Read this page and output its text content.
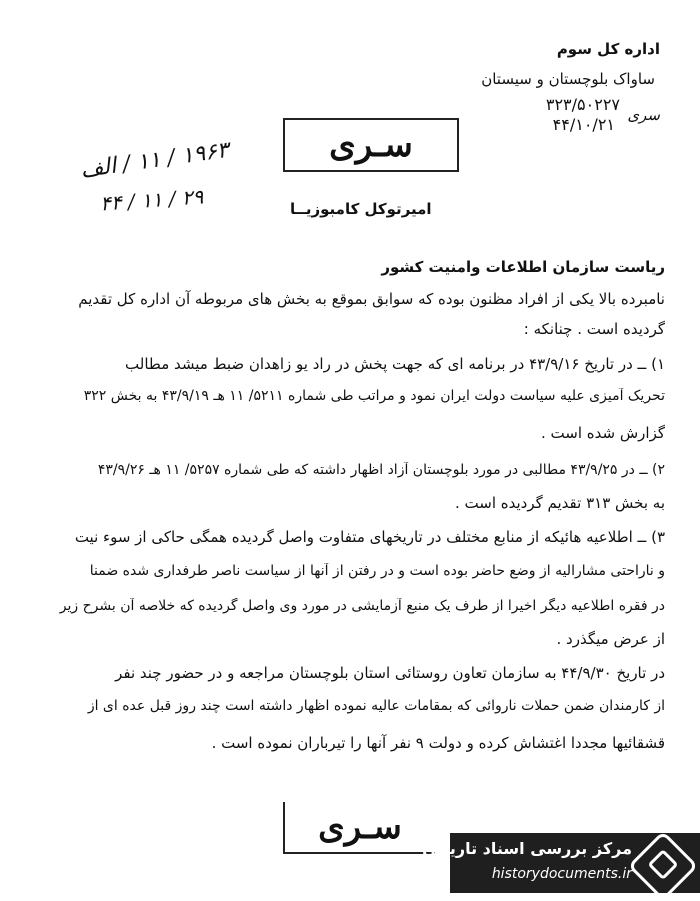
اداره کل سوم
ساواک بلوچستان و سیستان
۳۲۳/۵۰۲۲۷
۴۴/۱۰/۲۱ سری
سـری
۱۹۶۳ / ۱۱ / الف
۴۴ / ۱۱ / ۲۹	امیرتوکل کامبوزیــا
ریاست سازمان اطلاعات وامنیت کشور
نامبرده بالا یکی از افراد مظنون بوده که سوابق بموقع به بخش های مربوطه آن اداره کل تقدیم
گردیده است . چنانکه :
۱) ــ در تاریخ ۴۳/۹/۱۶ در برنامه ای که جهت پخش در راد یو زاهدان ضبط میشد مطالب
تحریک آمیزی علیه سیاست دولت ایران نمود و مراتب طی شماره ۵۲۱۱/ ۱۱ هـ ۴۳/۹/۱۹ به بخش ۳۲۲
گزارش شده است .
۲) ــ در ۴۳/۹/۲۵ مطالبی در مورد بلوچستان آزاد اظهار داشته که طی شماره ۵۲۵۷/ ۱۱ هـ ۴۳/۹/۲۶
به بخش ۳۱۳ تقدیم گردیده است .
۳) ــ اطلاعیه هائیکه از منابع مختلف در تاریخهای متفاوت واصل گردیده همگی حاکی از سوء نیت
و ناراحتی مشارالیه از وضع حاضر بوده است و در رفتن از آنها از سیاست ناصر طرفداری شده ضمنا
در فقره اطلاعیه دیگر اخیرا از طرف یک منبع آزمایشی در مورد وی واصل گردیده که خلاصه آن بشرح زیر
از عرض میگذرد .
در تاریخ ۴۴/۹/۳۰ به سازمان تعاون روستائی استان بلوچستان مراجعه و در حضور چند نفر
از کارمندان ضمن حملات ناروائی که بمقامات عالیه نموده اظهار داشته است چند روز قبل عده ای از
قشقائیها مجددا اغتشاش کرده و دولت ۹ نفر آنها را تیرباران نموده است .
سـری
مرکز بررسی اسناد تاریخی
historydocuments.ir
